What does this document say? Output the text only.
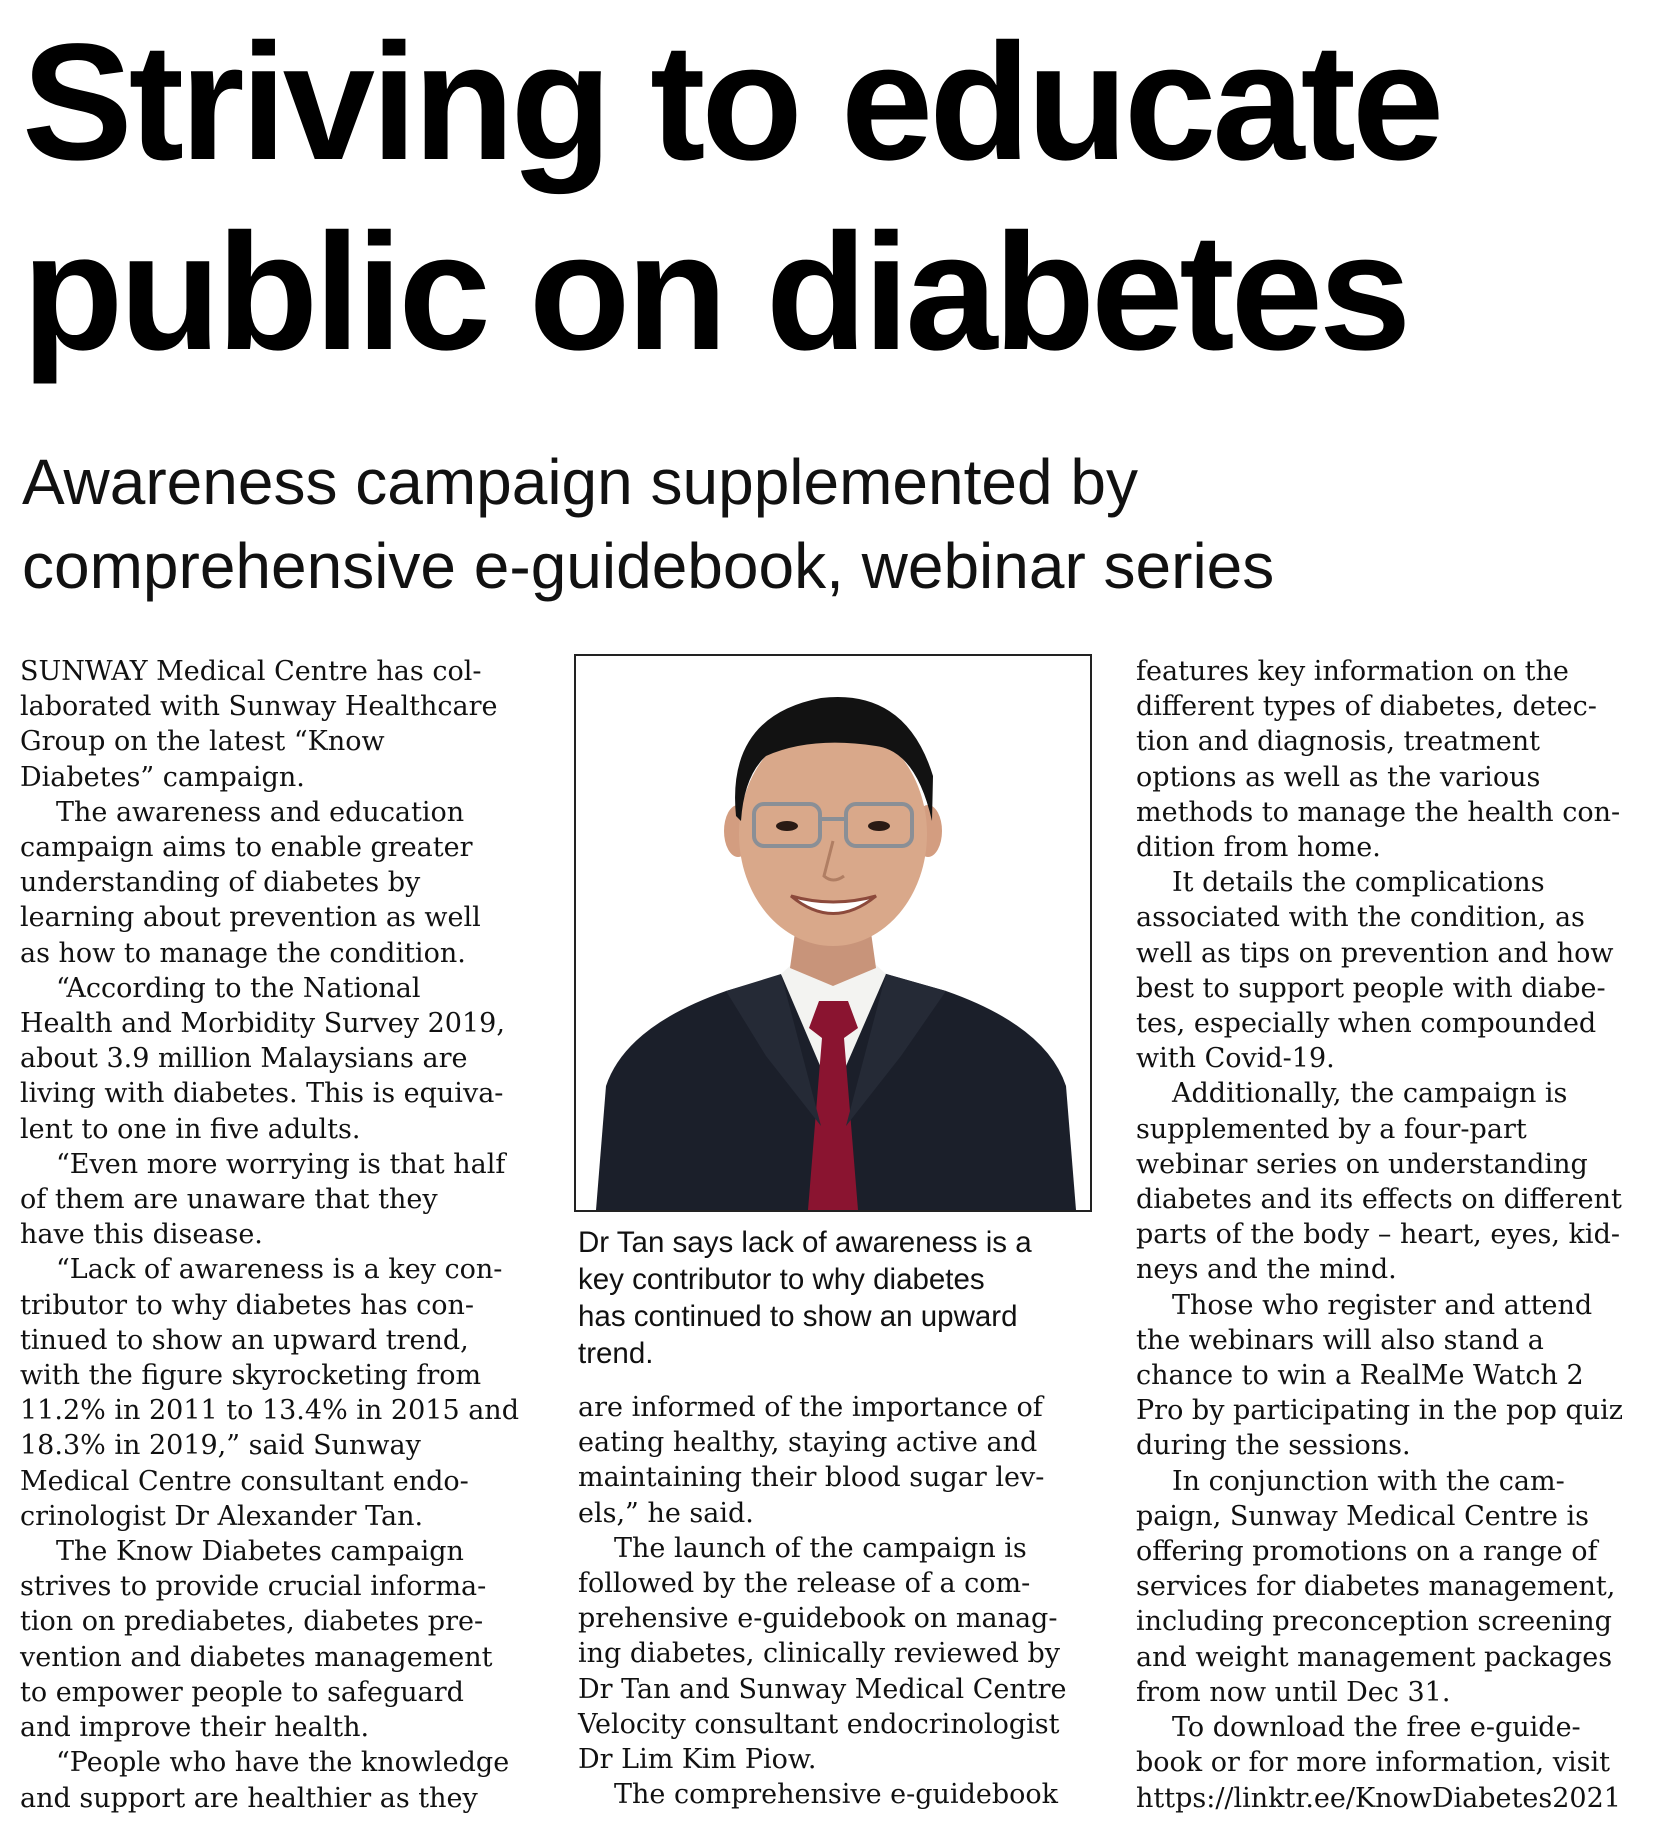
Striving to educate
public on diabetes
Awareness campaign supplemented by
comprehensive e-guidebook, webinar series

SUNWAY Medical Centre has col-
laborated with Sunway Healthcare
Group on the latest “Know
Diabetes” campaign.

The awareness and education
campaign aims to enable greater
understanding of diabetes by
learning about prevention as well
as how to manage the condition.

“According to the National
Health and Morbidity Survey 2019,
about 3.9 million Malaysians are
living with diabetes. This is equiva-
lent to one in five adults.

“Even more worrying is that half
of them are unaware that they
have this disease.

“Lack of awareness is a key con-
tributor to why diabetes has con-
tinued to show an upward trend,
with the figure skyrocketing from
11.2% in 2011 to 13.4% in 2015 and
18.3% in 2019,” said Sunway
Medical Centre consultant endo-
crinologist Dr Alexander Tan.

The Know Diabetes campaign
strives to provide crucial informa-
tion on prediabetes, diabetes pre-
vention and diabetes management
to empower people to safeguard
and improve their health.

“People who have the knowledge
and support are healthier as they

Dr Tan says lack of awareness is a
key contributor to why diabetes
has continued to show an upward
trend.

are informed of the importance of
eating healthy, staying active and
maintaining their blood sugar lev-
els,” he said.

The launch of the campaign is
followed by the release of a com-
prehensive e-guidebook on manag-
ing diabetes, clinically reviewed by
Dr Tan and Sunway Medical Centre
Velocity consultant endocrinologist
Dr Lim Kim Piow.

The comprehensive e-guidebook

features key information on the
different types of diabetes, detec-
tion and diagnosis, treatment
options as well as the various
methods to manage the health con-
dition from home.

It details the complications
associated with the condition, as
well as tips on prevention and how
best to support people with diabe-
tes, especially when compounded
with Covid-19.

Additionally, the campaign is
supplemented by a four-part
webinar series on understanding
diabetes and its effects on different
parts of the body – heart, eyes, kid-
neys and the mind.

Those who register and attend
the webinars will also stand a
chance to win a RealMe Watch 2
Pro by participating in the pop quiz
during the sessions.

In conjunction with the cam-
paign, Sunway Medical Centre is
offering promotions on a range of
services for diabetes management,
including preconception screening
and weight management packages
from now until Dec 31.

To download the free e-guide-
book or for more information, visit
https://linktr.ee/KnowDiabetes2021
